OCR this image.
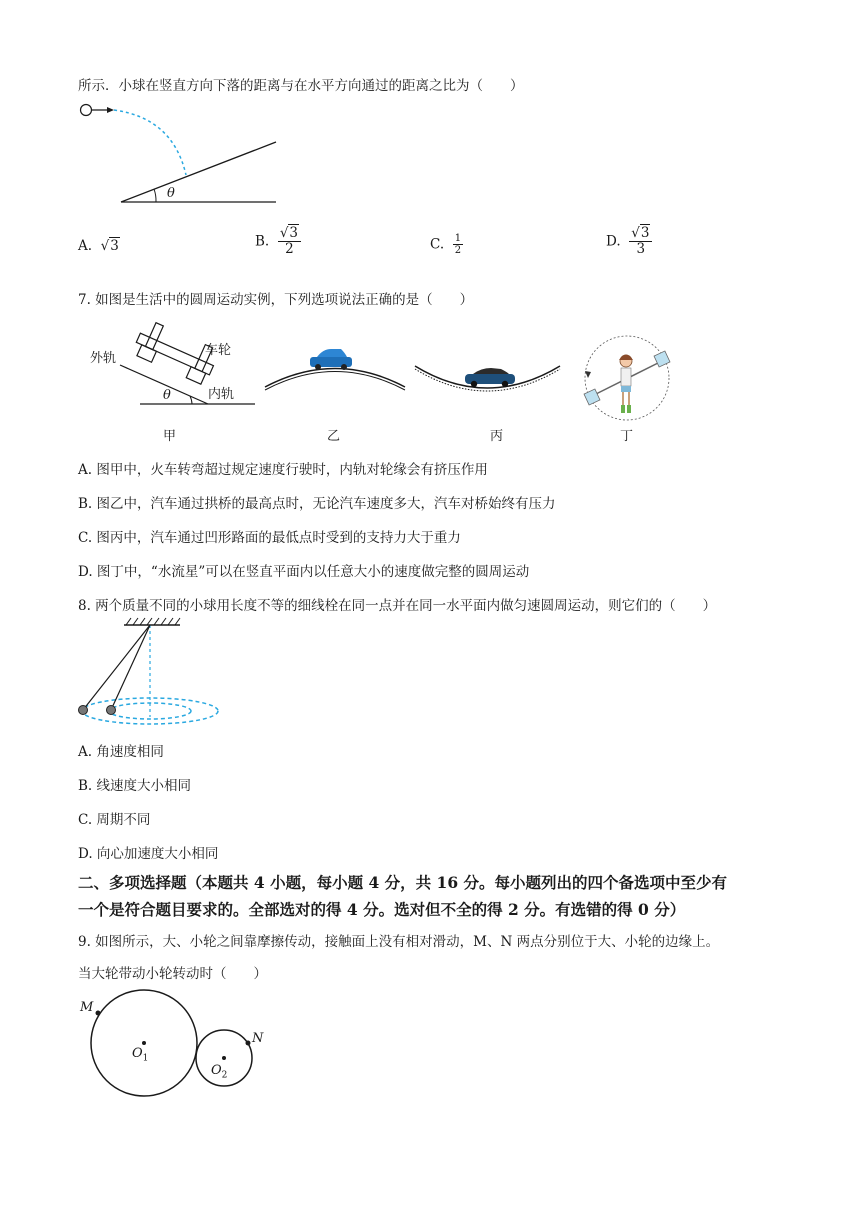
所示．小球在竖直方向下落的距离与在水平方向通过的距离之比为（　　）
θ
A. √3	B. $\frac{√3}{2}$	C. $\frac{1}{2}$	D. $\frac{√3}{3}$
7. 如图是生活中的圆周运动实例，下列选项说法正确的是（　　）
外轨
车轮
内轨
θ
甲	乙	丙	丁
A. 图甲中，火车转弯超过规定速度行驶时，内轨对轮缘会有挤压作用
B. 图乙中，汽车通过拱桥的最高点时，无论汽车速度多大，汽车对桥始终有压力
C. 图丙中，汽车通过凹形路面的最低点时受到的支持力大于重力
D. 图丁中，“水流星”可以在竖直平面内以任意大小的速度做完整的圆周运动
8. 两个质量不同的小球用长度不等的细线栓在同一点并在同一水平面内做匀速圆周运动，则它们的（　　）
A. 角速度相同
B. 线速度大小相同
C. 周期不同
D. 向心加速度大小相同
二、多项选择题（本题共 4 小题，每小题 4 分，共 16 分。每小题列出的四个备选项中至少有
一个是符合题目要求的。全部选对的得 4 分。选对但不全的得 2 分。有选错的得 0 分）
9. 如图所示，大、小轮之间靠摩擦传动，接触面上没有相对滑动，M、N 两点分别位于大、小轮的边缘上。
当大轮带动小轮转动时（　　）
M
N
$O_1$
$O_2$
